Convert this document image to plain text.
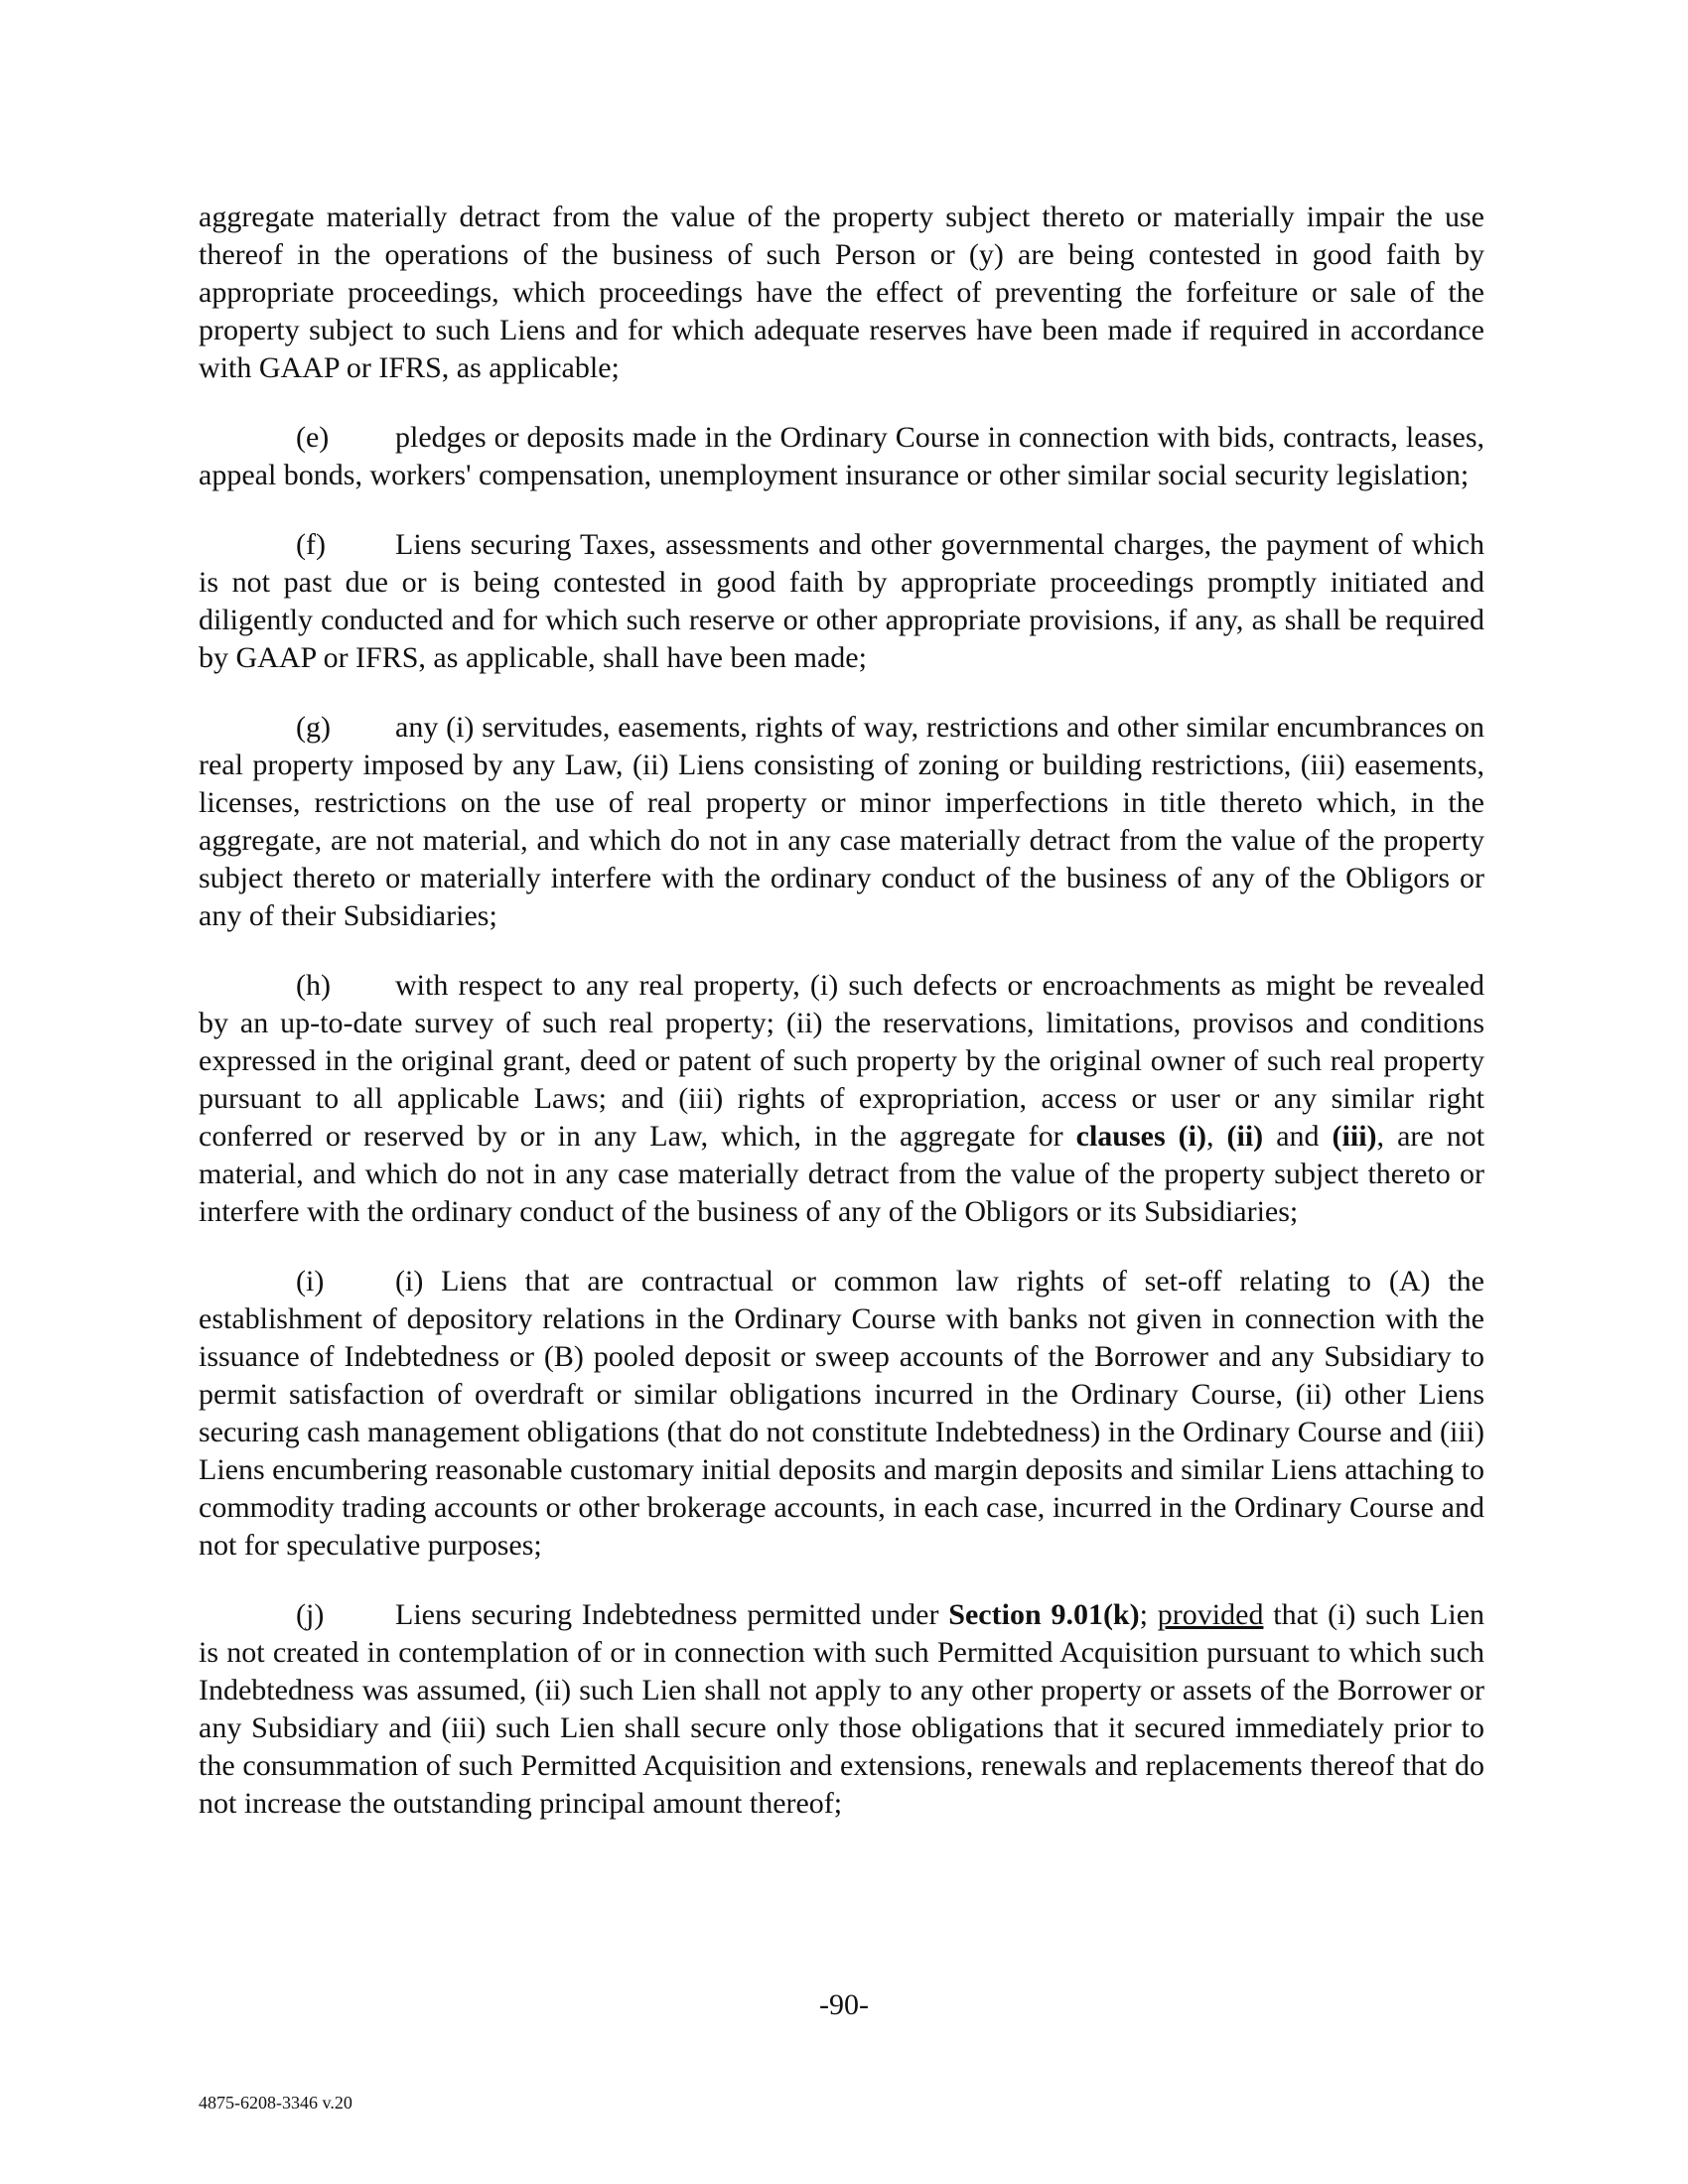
aggregate materially detract from the value of the property subject thereto or materially impair the use thereof in the operations of the business of such Person or (y) are being contested in good faith by appropriate proceedings, which proceedings have the effect of preventing the forfeiture or sale of the property subject to such Liens and for which adequate reserves have been made if required in accordance with GAAP or IFRS, as applicable;

(e) pledges or deposits made in the Ordinary Course in connection with bids, contracts, leases, appeal bonds, workers' compensation, unemployment insurance or other similar social security legislation;

(f) Liens securing Taxes, assessments and other governmental charges, the payment of which is not past due or is being contested in good faith by appropriate proceedings promptly initiated and diligently conducted and for which such reserve or other appropriate provisions, if any, as shall be required by GAAP or IFRS, as applicable, shall have been made;

(g) any (i) servitudes, easements, rights of way, restrictions and other similar encumbrances on real property imposed by any Law, (ii) Liens consisting of zoning or building restrictions, (iii) easements, licenses, restrictions on the use of real property or minor imperfections in title thereto which, in the aggregate, are not material, and which do not in any case materially detract from the value of the property subject thereto or materially interfere with the ordinary conduct of the business of any of the Obligors or any of their Subsidiaries;

(h) with respect to any real property, (i) such defects or encroachments as might be revealed by an up-to-date survey of such real property; (ii) the reservations, limitations, provisos and conditions expressed in the original grant, deed or patent of such property by the original owner of such real property pursuant to all applicable Laws; and (iii) rights of expropriation, access or user or any similar right conferred or reserved by or in any Law, which, in the aggregate for clauses (i), (ii) and (iii), are not material, and which do not in any case materially detract from the value of the property subject thereto or interfere with the ordinary conduct of the business of any of the Obligors or its Subsidiaries;

(i) (i) Liens that are contractual or common law rights of set-off relating to (A) the establishment of depository relations in the Ordinary Course with banks not given in connection with the issuance of Indebtedness or (B) pooled deposit or sweep accounts of the Borrower and any Subsidiary to permit satisfaction of overdraft or similar obligations incurred in the Ordinary Course, (ii) other Liens securing cash management obligations (that do not constitute Indebtedness) in the Ordinary Course and (iii) Liens encumbering reasonable customary initial deposits and margin deposits and similar Liens attaching to commodity trading accounts or other brokerage accounts, in each case, incurred in the Ordinary Course and not for speculative purposes;

(j) Liens securing Indebtedness permitted under Section 9.01(k); provided that (i) such Lien is not created in contemplation of or in connection with such Permitted Acquisition pursuant to which such Indebtedness was assumed, (ii) such Lien shall not apply to any other property or assets of the Borrower or any Subsidiary and (iii) such Lien shall secure only those obligations that it secured immediately prior to the consummation of such Permitted Acquisition and extensions, renewals and replacements thereof that do not increase the outstanding principal amount thereof;

-90-
4875-6208-3346 v.20
